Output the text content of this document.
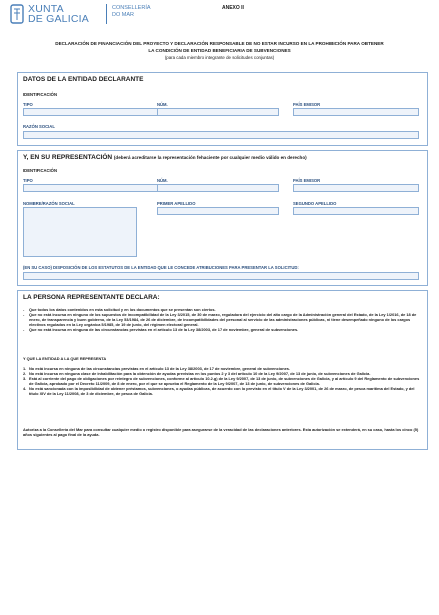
XUNTA
DE GALICIA
CONSELLERÍA
DO MAR
ANEXO II
DECLARACIÓN DE FINANCIACIÓN DEL PROYECTO Y DECLARACIÓN RESPONSABLE DE NO ESTAR INCURSO EN LA PROHIBICIÓN PARA OBTENER
LA CONDICIÓN DE ENTIDAD BENEFICIARIA DE SUBVENCIONES
(para cada miembro integrante de solicitudes conjuntas)
DATOS DE LA ENTIDAD DECLARANTE
IDENTIFICACIÓN
TIPO	NÚM.	PAÍS EMISOR
RAZÓN SOCIAL
Y, EN SU REPRESENTACIÓN (deberá acreditarse la representación fehaciente por cualquier medio válido en derecho)
IDENTIFICACIÓN
TIPO	NÚM.	PAÍS EMISOR
NOMBRE/RAZÓN SOCIAL	PRIMER APELLIDO	SEGUNDO APELLIDO
(EN SU CASO) DISPOSICIÓN DE LOS ESTATUTOS DE LA ENTIDAD QUE LE CONCEDE ATRIBUCIONES PARA PRESENTAR LA SOLICITUD:
LA PERSONA REPRESENTANTE DECLARA:
- Que todos los datos contenidos en esta solicitud y en los documentos que se presentan son ciertos.
- Que no está incursa en ninguno de los supuestos de incompatibilidad de la Ley 3/2015, de 30 de marzo, reguladora del ejercicio del alto cargo de la Administración general del Estado, de la Ley 1/2016, de 18 de enero, de transparencia y buen gobierno, de la Ley 53/1984, de 26 de diciembre, de incompatibilidades del personal al servicio de las administraciones públicas, ni tiene desempeñado ninguno de los cargos electivos regulados en la Ley orgánica 5/1985, de 19 de junio, del régimen electoral general.
- Que no está incursa en ninguna de las circunstancias previstas en el artículo 13 de la Ley 38/2003, de 17 de noviembre, general de subvenciones.
Y QUE LA ENTIDAD A LA QUE REPRESENTA
1. No está incursa en ninguna de las circunstancias previstas en el artículo 13 de la Ley 38/2003, de 17 de noviembre, general de subvenciones.
2. No está incursa en ninguna clase de inhabilitación para la obtención de ayudas previstas en los puntos 2 y 3 del artículo 10 de la Ley 9/2007, de 13 de junio, de subvenciones de Galicia.
3. Está al corriente del pago de obligaciones por reintegro de subvenciones, conforme al artículo 10.2.g) de la Ley 9/2007, de 13 de junio, de subvenciones de Galicia, y al artículo 9 del Reglamento de subvenciones de Galicia, aprobado por el Decreto 11/2009, de 8 de enero, por el que se aprueba el Reglamento de la Ley 9/2007, de 13 de junio, de subvenciones de Galicia.
4. No está sancionada con la imposibilidad de obtener préstamos, subvenciones, o ayudas públicas, de acuerdo con lo previsto en el título V de la Ley 3/2001, de 26 de marzo, de pesca marítima del Estado, y del título XIV de la Ley 11/2008, de 3 de diciembre, de pesca de Galicia.
Autoriza a la Consellería del Mar para consultar cualquier medio o registro disponible para asegurarse de la veracidad de las declaraciones anteriores. Esta autorización se extenderá, en su caso, hasta los cinco (5) años siguientes al pago final de la ayuda.
